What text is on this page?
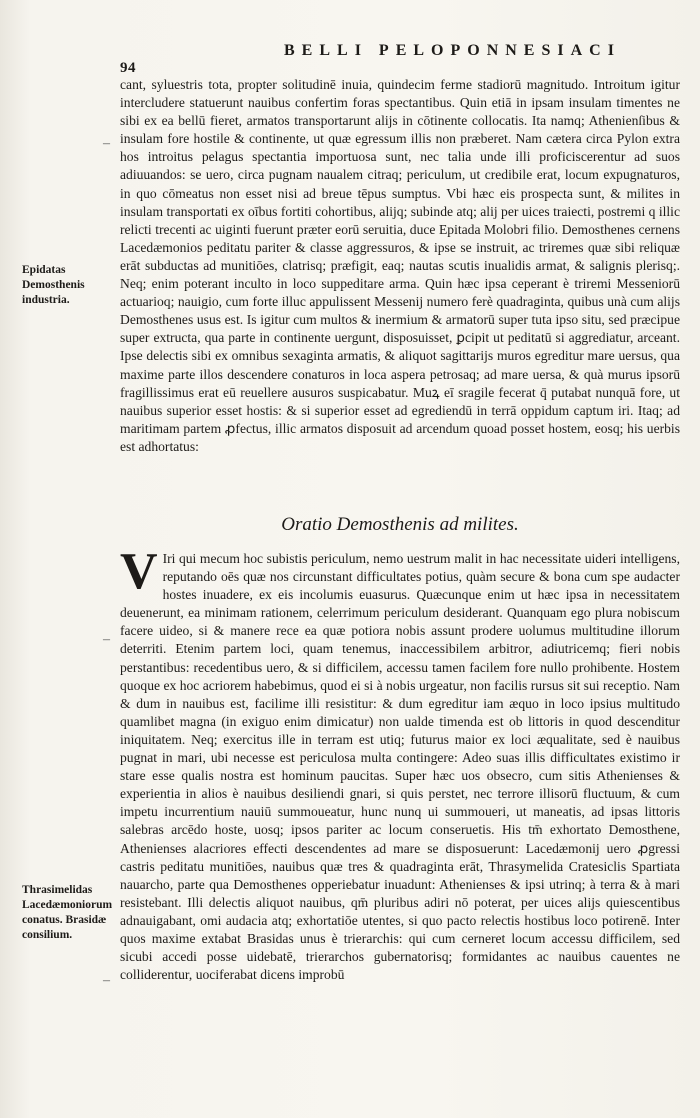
94
BELLI PELOPONNESIACI

cant, syluestris tota, propter solitudinē inuia, quindecim ferme stadiorū magnitudo. Introitum igitur intercludere statuerunt nauibus confertim foras spectantibus. Quin etiā in ipsam insulam timentes ne sibi ex ea bellū fieret, armatos transportarunt alijs in cōtinente collocatis. Ita namq; Athenienſibus & insulam fore hostile & continente, ut quæ egressum illis non præberet. Nam cætera circa Pylon extra hos introitus pelagus spectantia importuosa sunt, nec talia unde illi proficiscerentur ad suos adiuuandos: se uero, circa pugnam naualem citraq; periculum, ut credibile erat, locum expugnaturos, in quo cōmeatus non esset nisi ad breue tēpus sumptus. Vbi hæc eis prospecta sunt, & milites in insulam transportati ex oībus fortiti cohortibus, alijq; subinde atq; alij per uices traiecti, postremi q illic relicti trecenti ac uiginti fuerunt præter eorū seruitia, duce Epitada Molobri filio. Demosthenes cernens Lacedæmonios peditatu pariter & classe aggressuros, & ipse se instruit, ac triremes quæ sibi reliquæ erāt subductas ad munitiōes, clatrisq; præfigit, eaq; nautas scutis inualidis armat, & salignis plerisq;. Neq; enim poterant inculto in loco suppeditare arma. Quin hæc ipsa ceperant è triremi Messeniorū actuarioq; nauigio, cum forte illuc appulissent Messenij numero ferè quadraginta, quibus unà cum alijs Demosthenes usus est. Is igitur cum multos & inermium & armatorū super tuta ipso situ, sed præcipue super extructa, qua parte in continente uergunt, disposuisset, ꝑcipit ut peditatū si aggrediatur, arceant. Ipse delectis sibi ex omnibus sexaginta armatis, & aliquot sagittarijs muros egreditur mare uersus, qua maxime parte illos descendere conaturos in loca aspera petrosaq; ad mare uersa, & quà murus ipsorū fragillissimus erat eū reuellere ausuros suspicabatur. Muꝝ eī sragile fecerat q̄ putabat nunquā fore, ut nauibus superior esset hostis: & si superior esset ad egrediendū in terrā oppidum captum iri. Itaq; ad maritimam partem ꝓfectus, illic armatos disposuit ad arcendum quoad posset hostem, eosq; his uerbis est adhortatus:

Epidatas Demosthenis industria.
Oratio Demosthenis ad milites.
V Iri qui mecum hoc subistis periculum, nemo uestrum malit in hac necessitate uideri intelligens, reputando oēs quæ nos circunstant difficultates potius, quàm secure & bona cum spe audacter hostes inuadere, ex eis incolumis euasurus. Quæcunque enim ut hæc ipsa in necessitatem deuenerunt, ea minimam rationem, celerrimum periculum desiderant. Quanquam ego plura nobiscum facere uideo, si & manere rece ea quæ potiora nobis assunt prodere uolumus multitudine illorum deterriti. Etenim partem loci, quam tenemus, inaccessibilem arbitror, adiutricemq; fieri nobis perstantibus: recedentibus uero, & si difficilem, accessu tamen facilem fore nullo prohibente. Hostem quoque ex hoc acriorem habebimus, quod ei si à nobis urgeatur, non facilis rursus sit sui receptio. Nam & dum in nauibus est, facilime illi resistitur: & dum egreditur iam æquo in loco ipsius multitudo quamlibet magna (in exiguo enim dimicatur) non ualde timenda est ob littoris in quod descenditur iniquitatem. Neq; exercitus ille in terram est utiq; futurus maior ex loci æqualitate, sed è nauibus pugnat in mari, ubi necesse est periculosa multa contingere: Adeo suas illis difficultates existimo ir stare esse qualis nostra est hominum paucitas. Super hæc uos obsecro, cum sitis Athenienses & experientia in alios è nauibus desiliendi gnari, si quis perstet, nec terrore illisorū fluctuum, & cum impetu incurrentium nauiū summoueatur, hunc nunq ui summoueri, ut maneatis, ad ipsas littoris salebras arcēdo hoste, uosq; ipsos pariter ac locum conseruetis. His tm̄ exhortato Demosthene, Athenienses alacriores effecti descendentes ad mare se disposuerunt: Lacedæmonij uero ꝓgressi castris peditatu munitiōes, nauibus quæ tres & quadraginta erāt, Thrasymelida Cratesiclis Spartiata nauarcho, parte qua Demosthenes opperiebatur inuadunt: Athenienses & ipsi utrinq; à terra & à mari resistebant. Illi delectis aliquot nauibus, qm̄ pluribus adiri nō poterat, per uices alijs quiescentibus adnauigabant, omi audacia atq; exhortatiōe utentes, si quo pacto relectis hostibus loco potirenē. Inter quos maxime extabat Brasidas unus è trierarchis: qui cum cerneret locum accessu difficilem, sed sicubi accedi posse uidebatē, trierarchos gubernatorisq; formidantes ac nauibus cauentes ne colliderentur, uociferabat dicens improbū

Thrasimelidas Lacedæmoniorum conatus. Brasidæ consilium.
–
–
–
